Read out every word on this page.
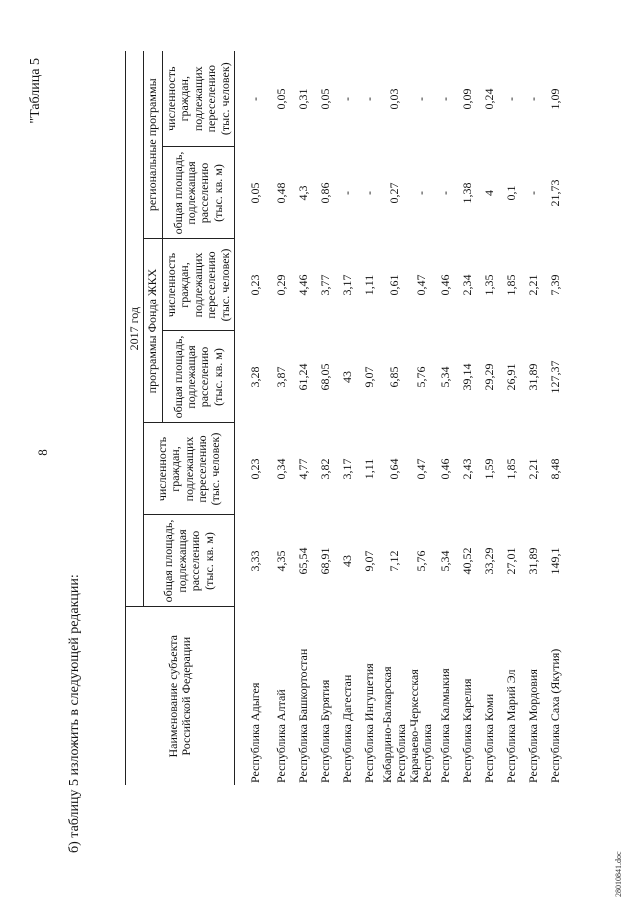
8
"Таблица 5
б) таблицу 5 изложить в следующей редакции:	Наименование субъекта Российской Федерации	2017 год					
	общая площадь, подлежащая расселению (тыс. кв. м)	численность граждан, подлежащих переселению (тыс. человек)	программы Фонда ЖКХ		региональные программы	
			общая площадь, подлежащая расселению (тыс. кв. м)	численность граждан, подлежащих переселению (тыс. человек)	общая площадь, подлежащая расселению (тыс. кв. м)	численность граждан, подлежащих переселению (тыс. человек)
Республика Адыгея	3,33	0,23	3,28	0,23	0,05	-
Республика Алтай	4,35	0,34	3,87	0,29	0,48	0,05
Республика Башкортостан	65,54	4,77	61,24	4,46	4,3	0,31
Республика Бурятия	68,91	3,82	68,05	3,77	0,86	0,05
Республика Дагестан	43	3,17	43	3,17	-	-
Республика Ингушетия	9,07	1,11	9,07	1,11	-	-
Кабардино-Балкарская Республика	7,12	0,64	6,85	0,61	0,27	0,03
Карачаево-Черкесская Республика	5,76	0,47	5,76	0,47	-	-
Республика Калмыкия	5,34	0,46	5,34	0,46	-	-
Республика Карелия	40,52	2,43	39,14	2,34	1,38	0,09
Республика Коми	33,29	1,59	29,29	1,35	4	0,24
Республика Марий Эл	27,01	1,85	26,91	1,85	0,1	-
Республика Мордовия	31,89	2,21	31,89	2,21	-	-
Республика Саха (Якутия)	149,1	8,48	127,37	7,39	21,73	1,09
28010841.doc
